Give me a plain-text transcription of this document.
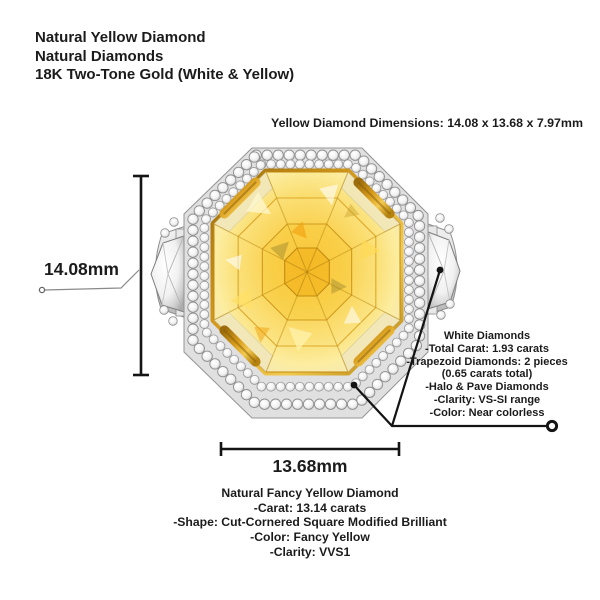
Natural Yellow Diamond
Natural Diamonds
18K Two-Tone Gold (White & Yellow)
Yellow Diamond Dimensions: 14.08 x 13.68 x 7.97mm
14.08mm
13.68mm
White Diamonds
-Total Carat: 1.93 carats
-Trapezoid Diamonds: 2 pieces
(0.65 carats total)
-Halo & Pave Diamonds
-Clarity: VS-SI range
-Color: Near colorless
Natural Fancy Yellow Diamond
-Carat: 13.14 carats
-Shape: Cut-Cornered Square Modified Brilliant
-Color: Fancy Yellow
-Clarity: VVS1
